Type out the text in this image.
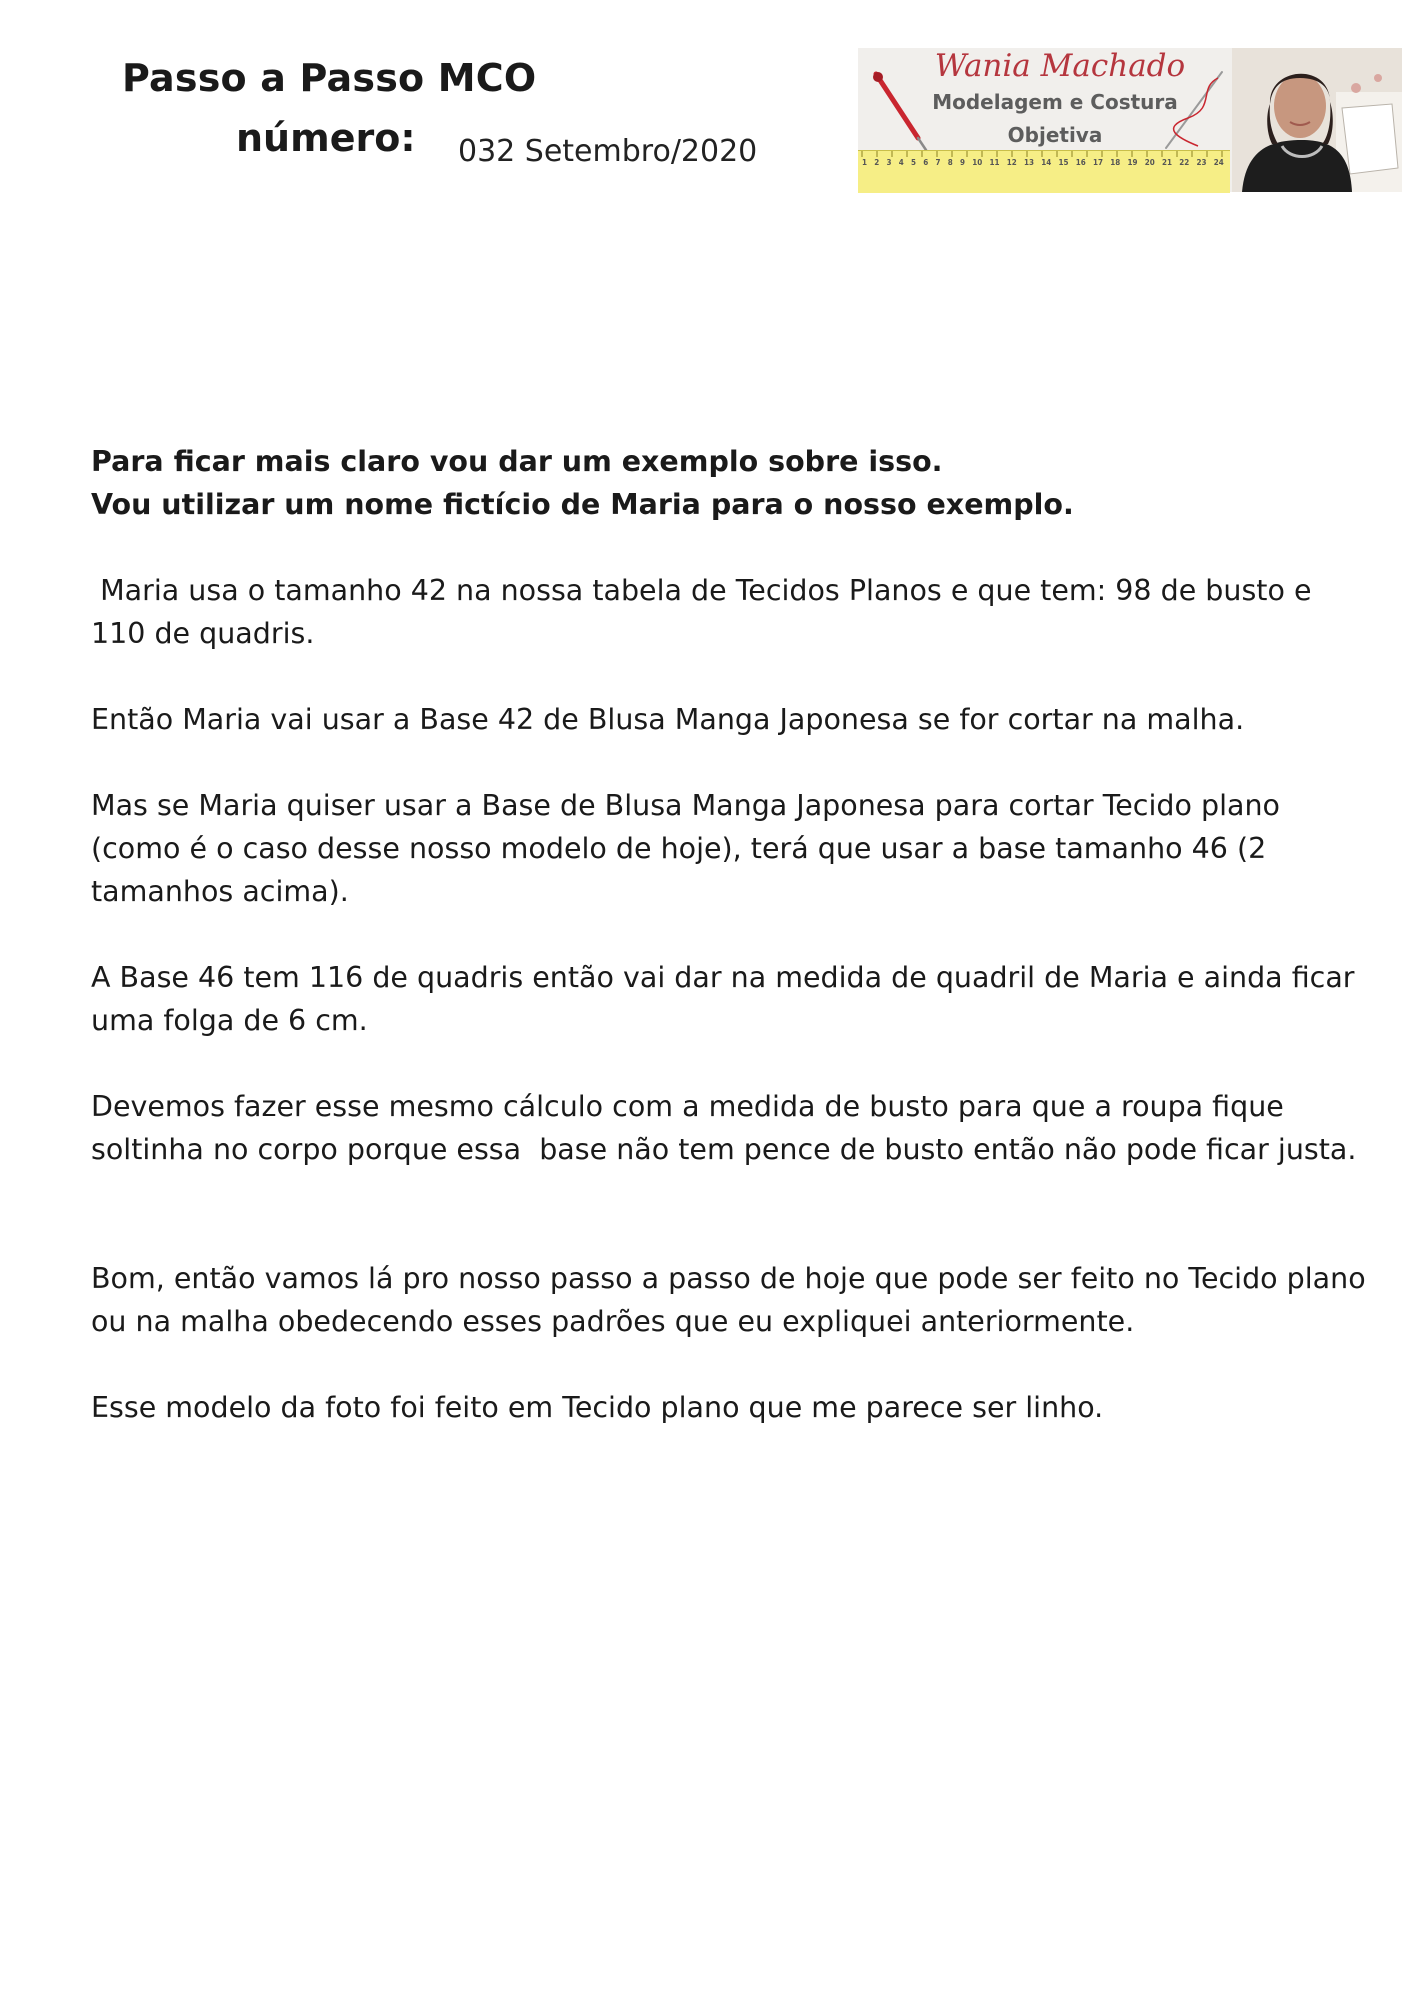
Passo a Passo MCO
número: 032 Setembro/2020
Wania Machado
Modelagem e Costura
Objetiva
1 2 3 4 5 6 7 8 9 10 11 12 13 14 15 16 17 18 19 20 21 22 23 24

Para ficar mais claro vou dar um exemplo sobre isso.
Vou utilizar um nome fictício de Maria para o nosso exemplo.

Maria usa o tamanho 42 na nossa tabela de Tecidos Planos e que tem: 98 de busto e 110 de quadris.

Então Maria vai usar a Base 42 de Blusa Manga Japonesa se for cortar na malha.

Mas se Maria quiser usar a Base de Blusa Manga Japonesa para cortar Tecido plano (como é o caso desse nosso modelo de hoje), terá que usar a base tamanho 46 (2 tamanhos acima).

A Base 46 tem 116 de quadris então vai dar na medida de quadril de Maria e ainda ficar uma folga de 6 cm.

Devemos fazer esse mesmo cálculo com a medida de busto para que a roupa fique soltinha no corpo porque essa  base não tem pence de busto então não pode ficar justa.

Bom, então vamos lá pro nosso passo a passo de hoje que pode ser feito no Tecido plano ou na malha obedecendo esses padrões que eu expliquei anteriormente.

Esse modelo da foto foi feito em Tecido plano que me parece ser linho.
